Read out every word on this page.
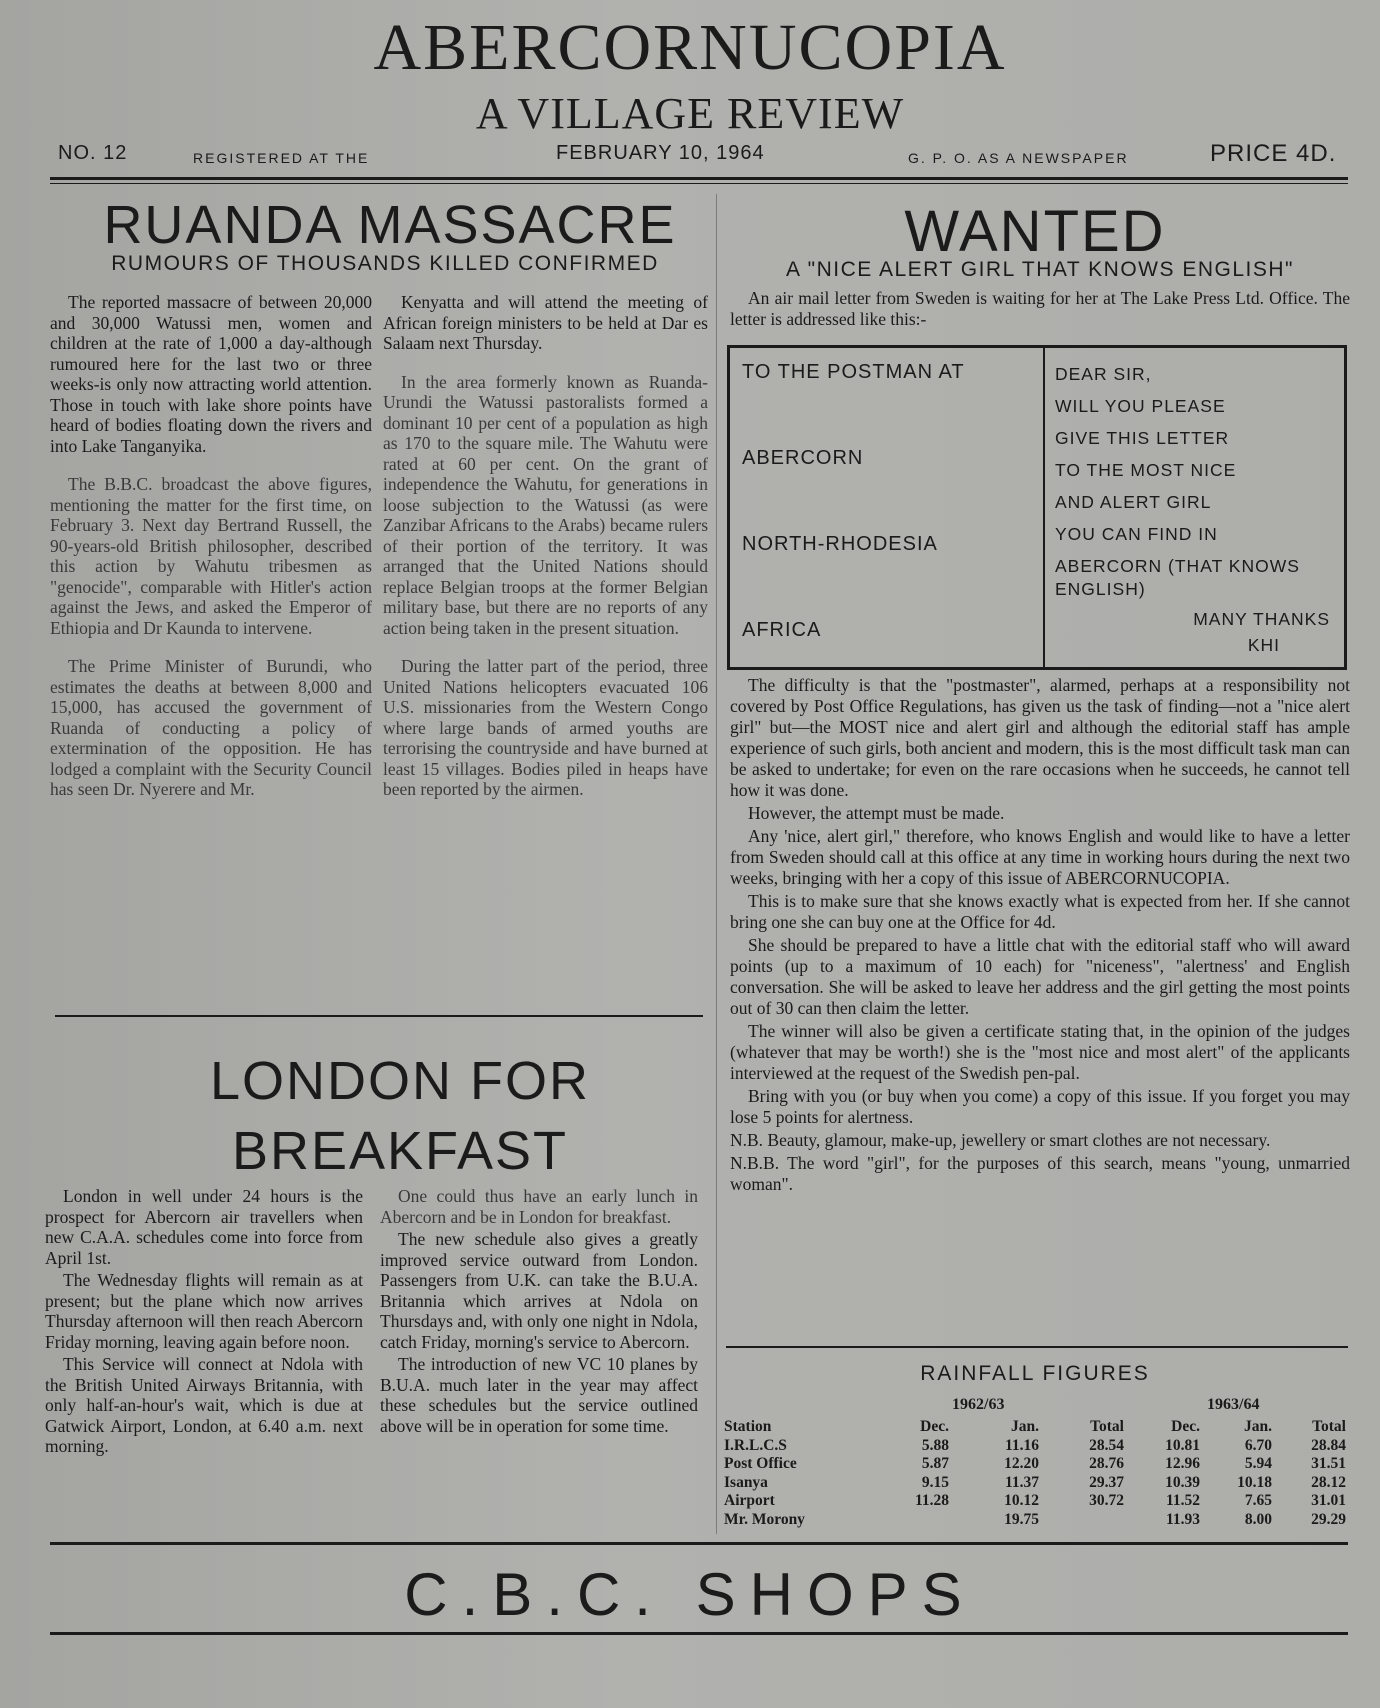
ABERCORNUCOPIA
A VILLAGE REVIEW
NO. 12	REGISTERED AT THE	FEBRUARY 10, 1964	G. P. O. AS A NEWSPAPER	PRICE 4D.
RUANDA MASSACRE
RUMOURS OF THOUSANDS KILLED CONFIRMED

The reported massacre of between 20,000 and 30,000 Watussi men, women and children at the rate of 1,000 a day-although rumoured here for the last two or three weeks-is only now attracting world attention. Those in touch with lake shore points have heard of bodies floating down the rivers and into Lake Tanganyika.

The B.B.C. broadcast the above figures, mentioning the matter for the first time, on February 3. Next day Bertrand Russell, the 90-years-old British philosopher, described this action by Wahutu tribesmen as "genocide", comparable with Hitler's action against the Jews, and asked the Emperor of Ethiopia and Dr Kaunda to intervene.

The Prime Minister of Burundi, who estimates the deaths at between 8,000 and 15,000, has accused the government of Ruanda of conducting a policy of extermination of the opposition. He has lodged a complaint with the Security Council has seen Dr. Nyerere and Mr.

Kenyatta and will attend the meeting of African foreign ministers to be held at Dar es Salaam next Thursday.

In the area formerly known as Ruanda-Urundi the Watussi pastoralists formed a dominant 10 per cent of a population as high as 170 to the square mile. The Wahutu were rated at 60 per cent. On the grant of independence the Wahutu, for generations in loose subjection to the Watussi (as were Zanzibar Africans to the Arabs) became rulers of their portion of the territory. It was arranged that the United Nations should replace Belgian troops at the former Belgian military base, but there are no reports of any action being taken in the present situation.

During the latter part of the period, three United Nations helicopters evacuated 106 U.S. missionaries from the Western Congo where large bands of armed youths are terrorising the countryside and have burned at least 15 villages. Bodies piled in heaps have been reported by the airmen.

LONDON FOR
BREAKFAST

London in well under 24 hours is the prospect for Abercorn air travellers when new C.A.A. schedules come into force from April 1st.

The Wednesday flights will remain as at present; but the plane which now arrives Thursday afternoon will then reach Abercorn Friday morning, leaving again before noon.

This Service will connect at Ndola with the British United Airways Britannia, with only half-an-hour's wait, which is due at Gatwick Airport, London, at 6.40 a.m. next morning.

One could thus have an early lunch in Abercorn and be in London for breakfast.

The new schedule also gives a greatly improved service outward from London. Passengers from U.K. can take the B.U.A. Britannia which arrives at Ndola on Thursdays and, with only one night in Ndola, catch Friday, morning's service to Abercorn.

The introduction of new VC 10 planes by B.U.A. much later in the year may affect these schedules but the service outlined above will be in operation for some time.

WANTED
A "NICE ALERT GIRL THAT KNOWS ENGLISH"

An air mail letter from Sweden is waiting for her at The Lake Press Ltd. Office. The letter is addressed like this:-

TO THE POSTMAN AT
ABERCORN
NORTH-RHODESIA
AFRICA
DEAR SIR,
WILL YOU PLEASE
GIVE THIS LETTER
TO THE MOST NICE
AND ALERT GIRL
YOU CAN FIND IN
ABERCORN (THAT KNOWS ENGLISH)
MANY THANKS
KHI

The difficulty is that the "postmaster", alarmed, perhaps at a responsibility not covered by Post Office Regulations, has given us the task of finding—not a "nice alert girl" but—the MOST nice and alert girl and although the editorial staff has ample experience of such girls, both ancient and modern, this is the most difficult task man can be asked to undertake; for even on the rare occasions when he succeeds, he cannot tell how it was done.

However, the attempt must be made.

Any 'nice, alert girl," therefore, who knows English and would like to have a letter from Sweden should call at this office at any time in working hours during the next two weeks, bringing with her a copy of this issue of ABERCORNUCOPIA.

This is to make sure that she knows exactly what is expected from her. If she cannot bring one she can buy one at the Office for 4d.

She should be prepared to have a little chat with the editorial staff who will award points (up to a maximum of 10 each) for "niceness", "alertness' and English conversation. She will be asked to leave her address and the girl getting the most points out of 30 can then claim the letter.

The winner will also be given a certificate stating that, in the opinion of the judges (whatever that may be worth!) she is the "most nice and most alert" of the applicants interviewed at the request of the Swedish pen-pal.

Bring with you (or buy when you come) a copy of this issue. If you forget you may lose 5 points for alertness.

N.B. Beauty, glamour, make-up, jewellery or smart clothes are not necessary.

N.B.B. The word "girl", for the purposes of this search, means "young, unmarried woman".

RAINFALL FIGURES
1962/63	1963/64
Station	Dec.	Jan.	Total	Dec.	Jan.	Total
I.R.L.C.S	5.88	11.16	28.54	10.81	6.70	28.84
Post Office	5.87	12.20	28.76	12.96	5.94	31.51
Isanya	9.15	11.37	29.37	10.39	10.18	28.12
Airport	11.28	10.12	30.72	11.52	7.65	31.01
Mr. Morony		19.75		11.93	8.00	29.29
C.B.C. SHOPS
